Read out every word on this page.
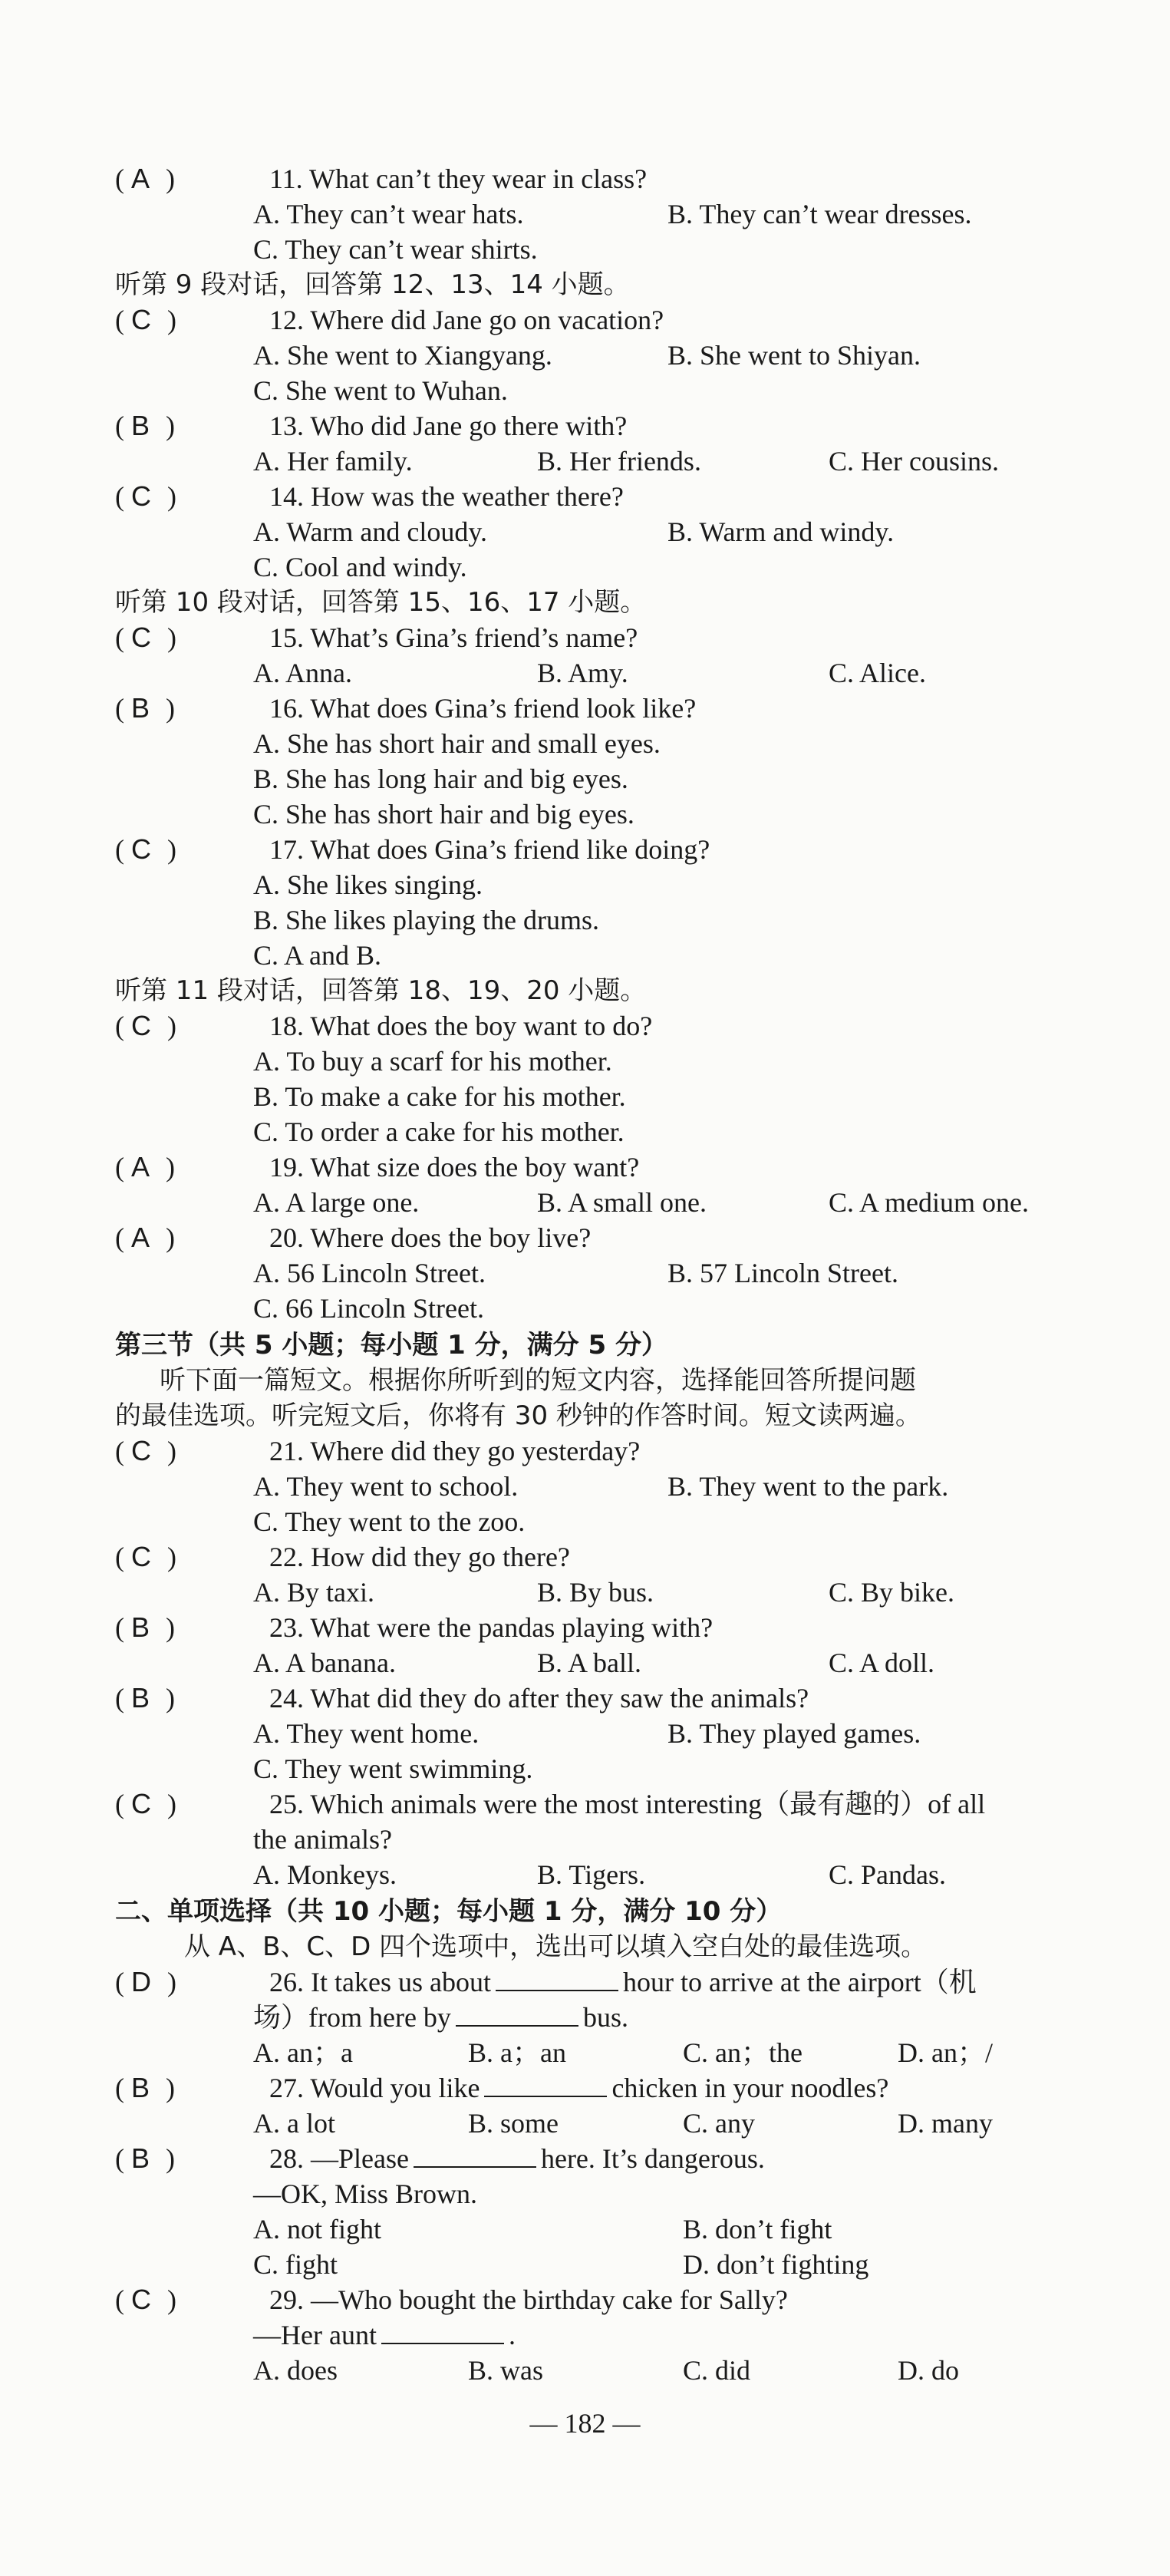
( A )	11. What can’t they wear in class?
A. They can’t wear hats.	B. They can’t wear dresses.
C. They can’t wear shirts.
听第 9 段对话，回答第 12、13、14 小题。
( C )	12. Where did Jane go on vacation?
A. She went to Xiangyang.	B. She went to Shiyan.
C. She went to Wuhan.
( B )	13. Who did Jane go there with?
A. Her family.	B. Her friends.	C. Her cousins.
( C )	14. How was the weather there?
A. Warm and cloudy.	B. Warm and windy.
C. Cool and windy.
听第 10 段对话，回答第 15、16、17 小题。
( C )	15. What’s Gina’s friend’s name?
A. Anna.	B. Amy.	C. Alice.
( B )	16. What does Gina’s friend look like?
A. She has short hair and small eyes.
B. She has long hair and big eyes.
C. She has short hair and big eyes.
( C )	17. What does Gina’s friend like doing?
A. She likes singing.
B. She likes playing the drums.
C. A and B.
听第 11 段对话，回答第 18、19、20 小题。
( C )	18. What does the boy want to do?
A. To buy a scarf for his mother.
B. To make a cake for his mother.
C. To order a cake for his mother.
( A )	19. What size does the boy want?
A. A large one.	B. A small one.	C. A medium one.
( A )	20. Where does the boy live?
A. 56 Lincoln Street.	B. 57 Lincoln Street.
C. 66 Lincoln Street.
第三节（共 5 小题；每小题 1 分，满分 5 分）
听下面一篇短文。根据你所听到的短文内容，选择能回答所提问题
的最佳选项。听完短文后，你将有 30 秒钟的作答时间。短文读两遍。
( C )	21. Where did they go yesterday?
A. They went to school.	B. They went to the park.
C. They went to the zoo.
( C )	22. How did they go there?
A. By taxi.	B. By bus.	C. By bike.
( B )	23. What were the pandas playing with?
A. A banana.	B. A ball.	C. A doll.
( B )	24. What did they do after they saw the animals?
A. They went home.	B. They played games.
C. They went swimming.
( C )	25. Which animals were the most interesting（最有趣的）of all
the animals?
A. Monkeys.	B. Tigers.	C. Pandas.
二、单项选择（共 10 小题；每小题 1 分，满分 10 分）
从 A、B、C、D 四个选项中，选出可以填入空白处的最佳选项。
( D )	26. It takes us about	hour to arrive at the airport（机
场）from here by	bus.
A. an；a	B. a；an	C. an；the	D. an；/
( B )	27. Would you like	chicken in your noodles?
A. a lot	B. some	C. any	D. many
( B )	28. —Please	here. It’s dangerous.
—OK, Miss Brown.
A. not fight	B. don’t fight
C. fight	D. don’t fighting
( C )	29. —Who bought the birthday cake for Sally?
—Her aunt	.
A. does	B. was	C. did	D. do
— 182 —
